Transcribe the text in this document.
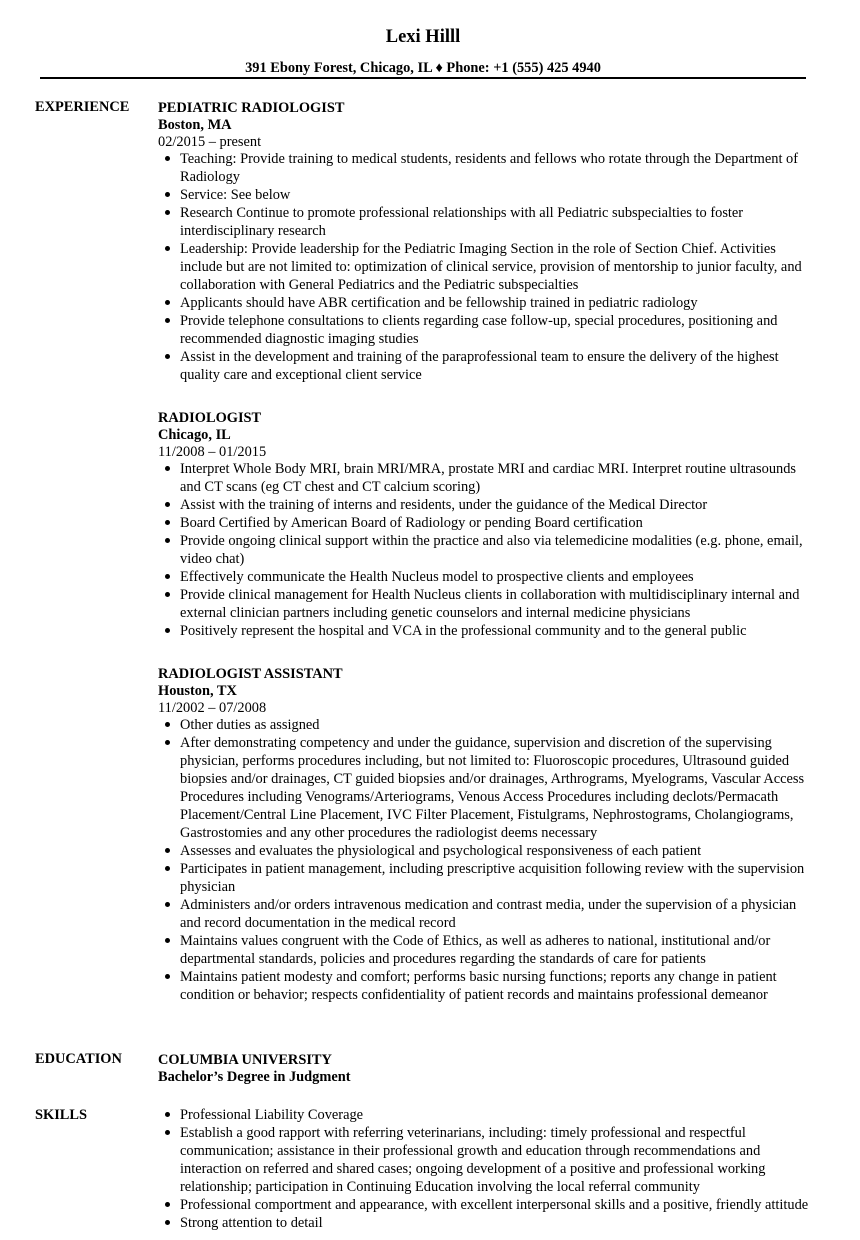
Lexi Hilll
391 Ebony Forest, Chicago, IL ♦ Phone: +1 (555) 425 4940
EXPERIENCE PEDIATRIC RADIOLOGIST
Boston, MA
02/2015 – present
Teaching: Provide training to medical students, residents and fellows who rotate through the Department of Radiology
Service: See below
Research Continue to promote professional relationships with all Pediatric subspecialties to foster interdisciplinary research
Leadership: Provide leadership for the Pediatric Imaging Section in the role of Section Chief. Activities include but are not limited to: optimization of clinical service, provision of mentorship to junior faculty, and collaboration with General Pediatrics and the Pediatric subspecialties
Applicants should have ABR certification and be fellowship trained in pediatric radiology
Provide telephone consultations to clients regarding case follow-up, special procedures, positioning and recommended diagnostic imaging studies
Assist in the development and training of the paraprofessional team to ensure the delivery of the highest quality care and exceptional client service
RADIOLOGIST
Chicago, IL
11/2008 – 01/2015
Interpret Whole Body MRI, brain MRI/MRA, prostate MRI and cardiac MRI. Interpret routine ultrasounds and CT scans (eg CT chest and CT calcium scoring)
Assist with the training of interns and residents, under the guidance of the Medical Director
Board Certified by American Board of Radiology or pending Board certification
Provide ongoing clinical support within the practice and also via telemedicine modalities (e.g. phone, email, video chat)
Effectively communicate the Health Nucleus model to prospective clients and employees
Provide clinical management for Health Nucleus clients in collaboration with multidisciplinary internal and external clinician partners including genetic counselors and internal medicine physicians
Positively represent the hospital and VCA in the professional community and to the general public
RADIOLOGIST ASSISTANT
Houston, TX
11/2002 – 07/2008
Other duties as assigned
After demonstrating competency and under the guidance, supervision and discretion of the supervising physician, performs procedures including, but not limited to: Fluoroscopic procedures, Ultrasound guided biopsies and/or drainages, CT guided biopsies and/or drainages, Arthrograms, Myelograms, Vascular Access Procedures including Venograms/Arteriograms, Venous Access Procedures including declots/Permacath Placement/Central Line Placement, IVC Filter Placement, Fistulgrams, Nephrostograms, Cholangiograms, Gastrostomies and any other procedures the radiologist deems necessary
Assesses and evaluates the physiological and psychological responsiveness of each patient
Participates in patient management, including prescriptive acquisition following review with the supervision physician
Administers and/or orders intravenous medication and contrast media, under the supervision of a physician and record documentation in the medical record
Maintains values congruent with the Code of Ethics, as well as adheres to national, institutional and/or departmental standards, policies and procedures regarding the standards of care for patients
Maintains patient modesty and comfort; performs basic nursing functions; reports any change in patient condition or behavior; respects confidentiality of patient records and maintains professional demeanor
EDUCATION	COLUMBIA UNIVERSITY
Bachelor’s Degree in Judgment
SKILLS	Professional Liability Coverage
Establish a good rapport with referring veterinarians, including: timely professional and respectful communication; assistance in their professional growth and education through recommendations and interaction on referred and shared cases; ongoing development of a positive and professional working relationship; participation in Continuing Education involving the local referral community
Professional comportment and appearance, with excellent interpersonal skills and a positive, friendly attitude
Strong attention to detail
